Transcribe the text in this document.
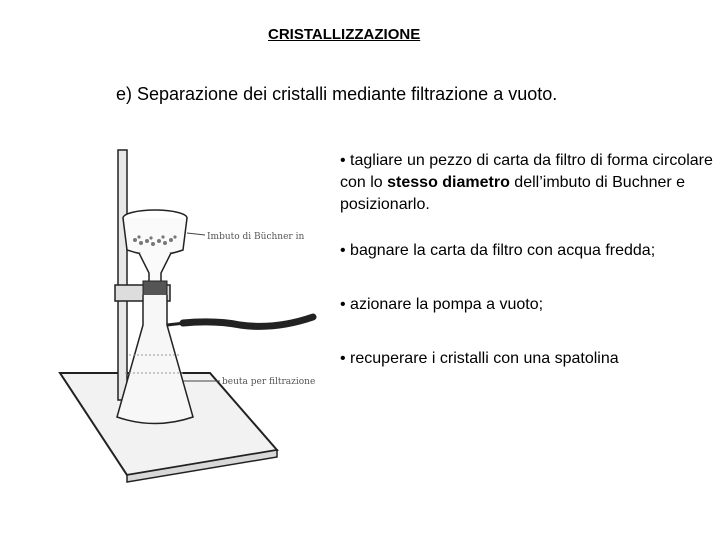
CRISTALLIZZAZIONE
e) Separazione dei cristalli mediante filtrazione a vuoto.
Imbuto di Büchner in
beuta per filtrazione

• tagliare un pezzo di carta da filtro di forma circolare con lo stesso diametro dell’imbuto di Buchner e posizionarlo.

• bagnare la carta da filtro con acqua fredda;

• azionare la pompa a vuoto;

• recuperare i cristalli con una spatolina
